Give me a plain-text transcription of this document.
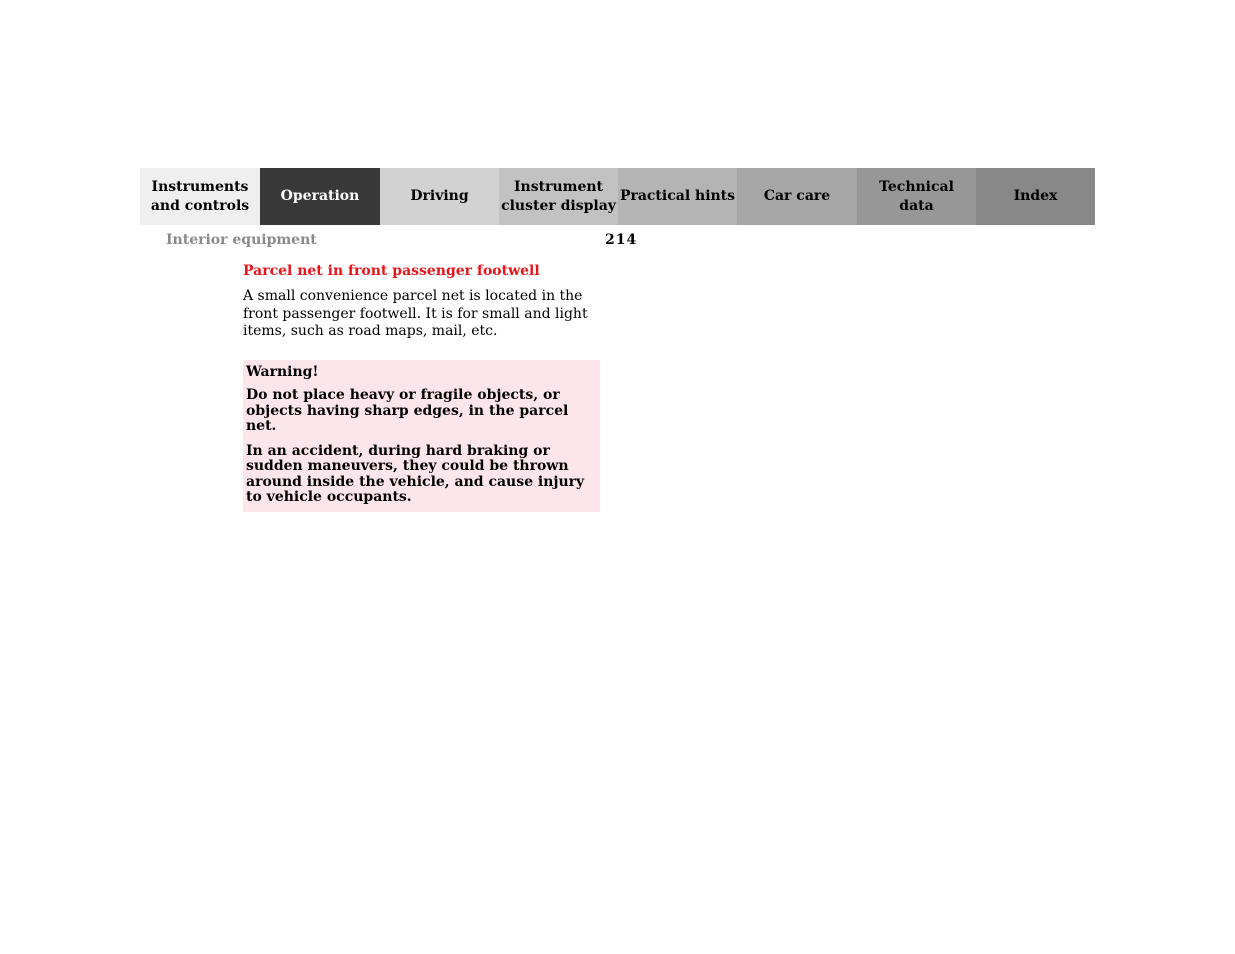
Instruments
and controls
Operation	Driving
Instrument
cluster display
Practical hints	Car care
Technical
data
Index
Interior equipment	214
Parcel net in front passenger footwell

A small convenience parcel net is located in the front passenger footwell. It is for small and light items, such as road maps, mail, etc.

Warning!

Do not place heavy or fragile objects, or objects having sharp edges, in the parcel net.

In an accident, during hard braking or sudden maneuvers, they could be thrown around inside the vehicle, and cause injury to vehicle occupants.
